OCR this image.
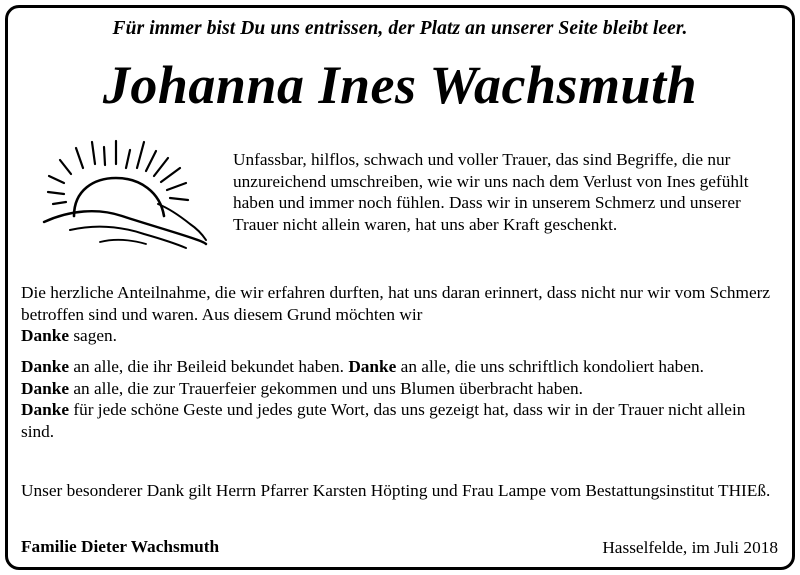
Für immer bist Du uns entrissen, der Platz an unserer Seite bleibt leer.
Johanna Ines Wachsmuth
Unfassbar, hilflos, schwach und voller Trauer, das sind Begriffe, die nur unzureichend umschreiben, wie wir uns nach dem Verlust von Ines gefühlt haben und immer noch fühlen. Dass wir in unserem Schmerz und unserer Trauer nicht allein waren, hat uns aber Kraft geschenkt.
Die herzliche Anteilnahme, die wir erfahren durften, hat uns daran erinnert, dass nicht nur wir vom Schmerz betroffen sind und waren. Aus diesem Grund möchten wir
Danke sagen.
Danke an alle, die ihr Beileid bekundet haben. Danke an alle, die uns schriftlich kondoliert haben.
Danke an alle, die zur Trauerfeier gekommen und uns Blumen überbracht haben.
Danke für jede schöne Geste und jedes gute Wort, das uns gezeigt hat, dass wir in der Trauer nicht allein sind.
Unser besonderer Dank gilt Herrn Pfarrer Karsten Höpting und Frau Lampe vom Bestattungsinstitut THIEß.
Familie Dieter Wachsmuth	Hasselfelde, im Juli 2018
